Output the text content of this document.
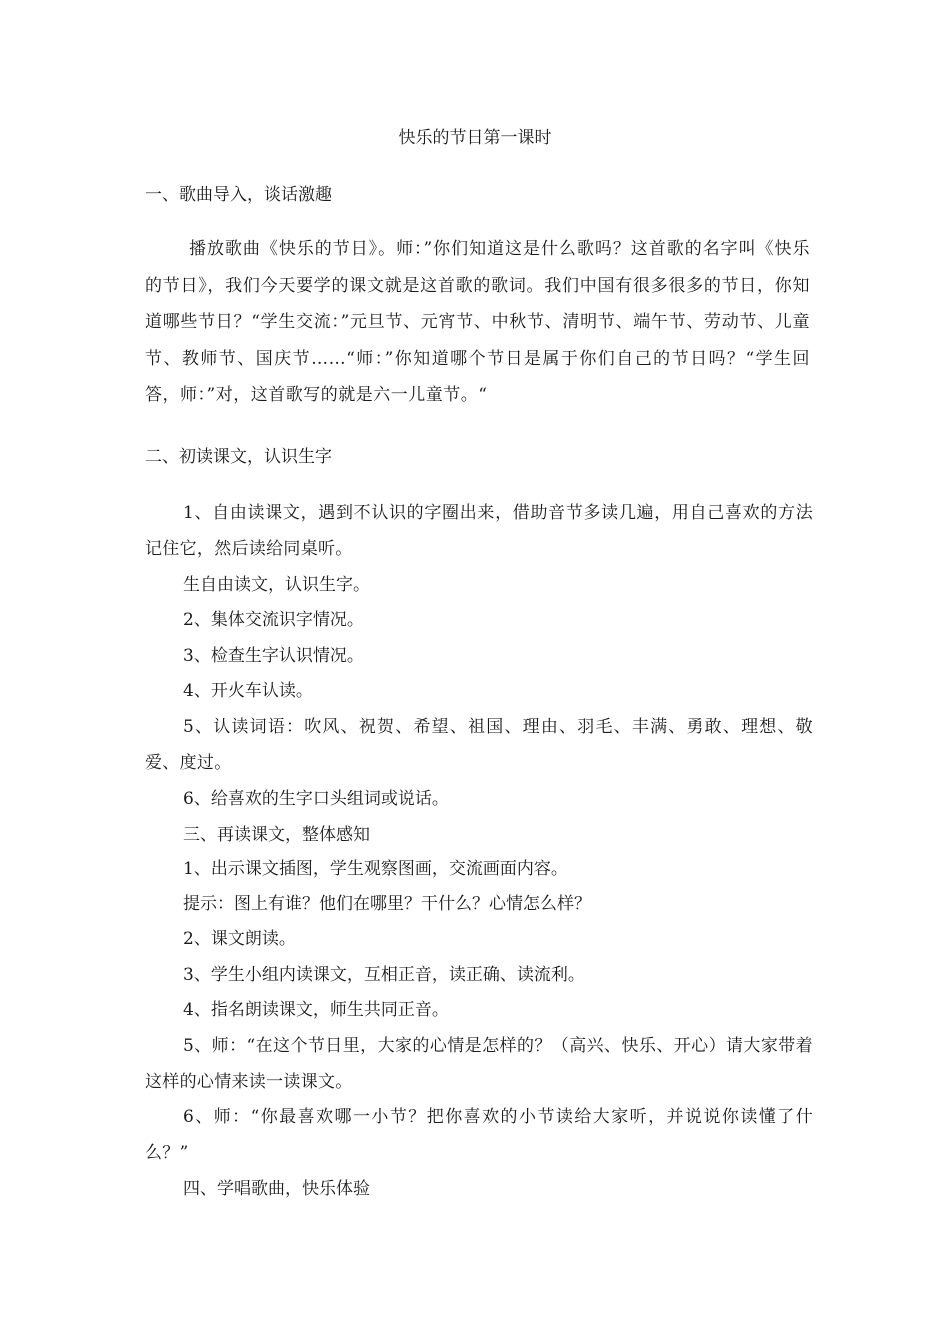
快乐的节日第一课时
一、歌曲导入，谈话激趣
播放歌曲《快乐的节日》。师：”你们知道这是什么歌吗？这首歌的名字叫《快乐的节日》，我们今天要学的课文就是这首歌的歌词。我们中国有很多很多的节日，你知道哪些节日？“学生交流：”元旦节、元宵节、中秋节、清明节、端午节、劳动节、儿童节、教师节、国庆节……“师：”你知道哪个节日是属于你们自己的节日吗？“学生回答，师：”对，这首歌写的就是六一儿童节。“
二、初读课文，认识生字
1、自由读课文，遇到不认识的字圈出来，借助音节多读几遍，用自己喜欢的方法记住它，然后读给同桌听。
生自由读文，认识生字。
2、集体交流识字情况。
3、检查生字认识情况。
4、开火车认读。
5、认读词语：吹风、祝贺、希望、祖国、理由、羽毛、丰满、勇敢、理想、敬爱、度过。
6、给喜欢的生字口头组词或说话。
三、再读课文，整体感知
1、出示课文插图，学生观察图画，交流画面内容。
提示：图上有谁？他们在哪里？干什么？心情怎么样？
2、课文朗读。
3、学生小组内读课文，互相正音，读正确、读流利。
4、指名朗读课文，师生共同正音。
5、师：“在这个节日里，大家的心情是怎样的？（高兴、快乐、开心）请大家带着这样的心情来读一读课文。
6、师：“你最喜欢哪一小节？把你喜欢的小节读给大家听，并说说你读懂了什么？”
四、学唱歌曲，快乐体验
